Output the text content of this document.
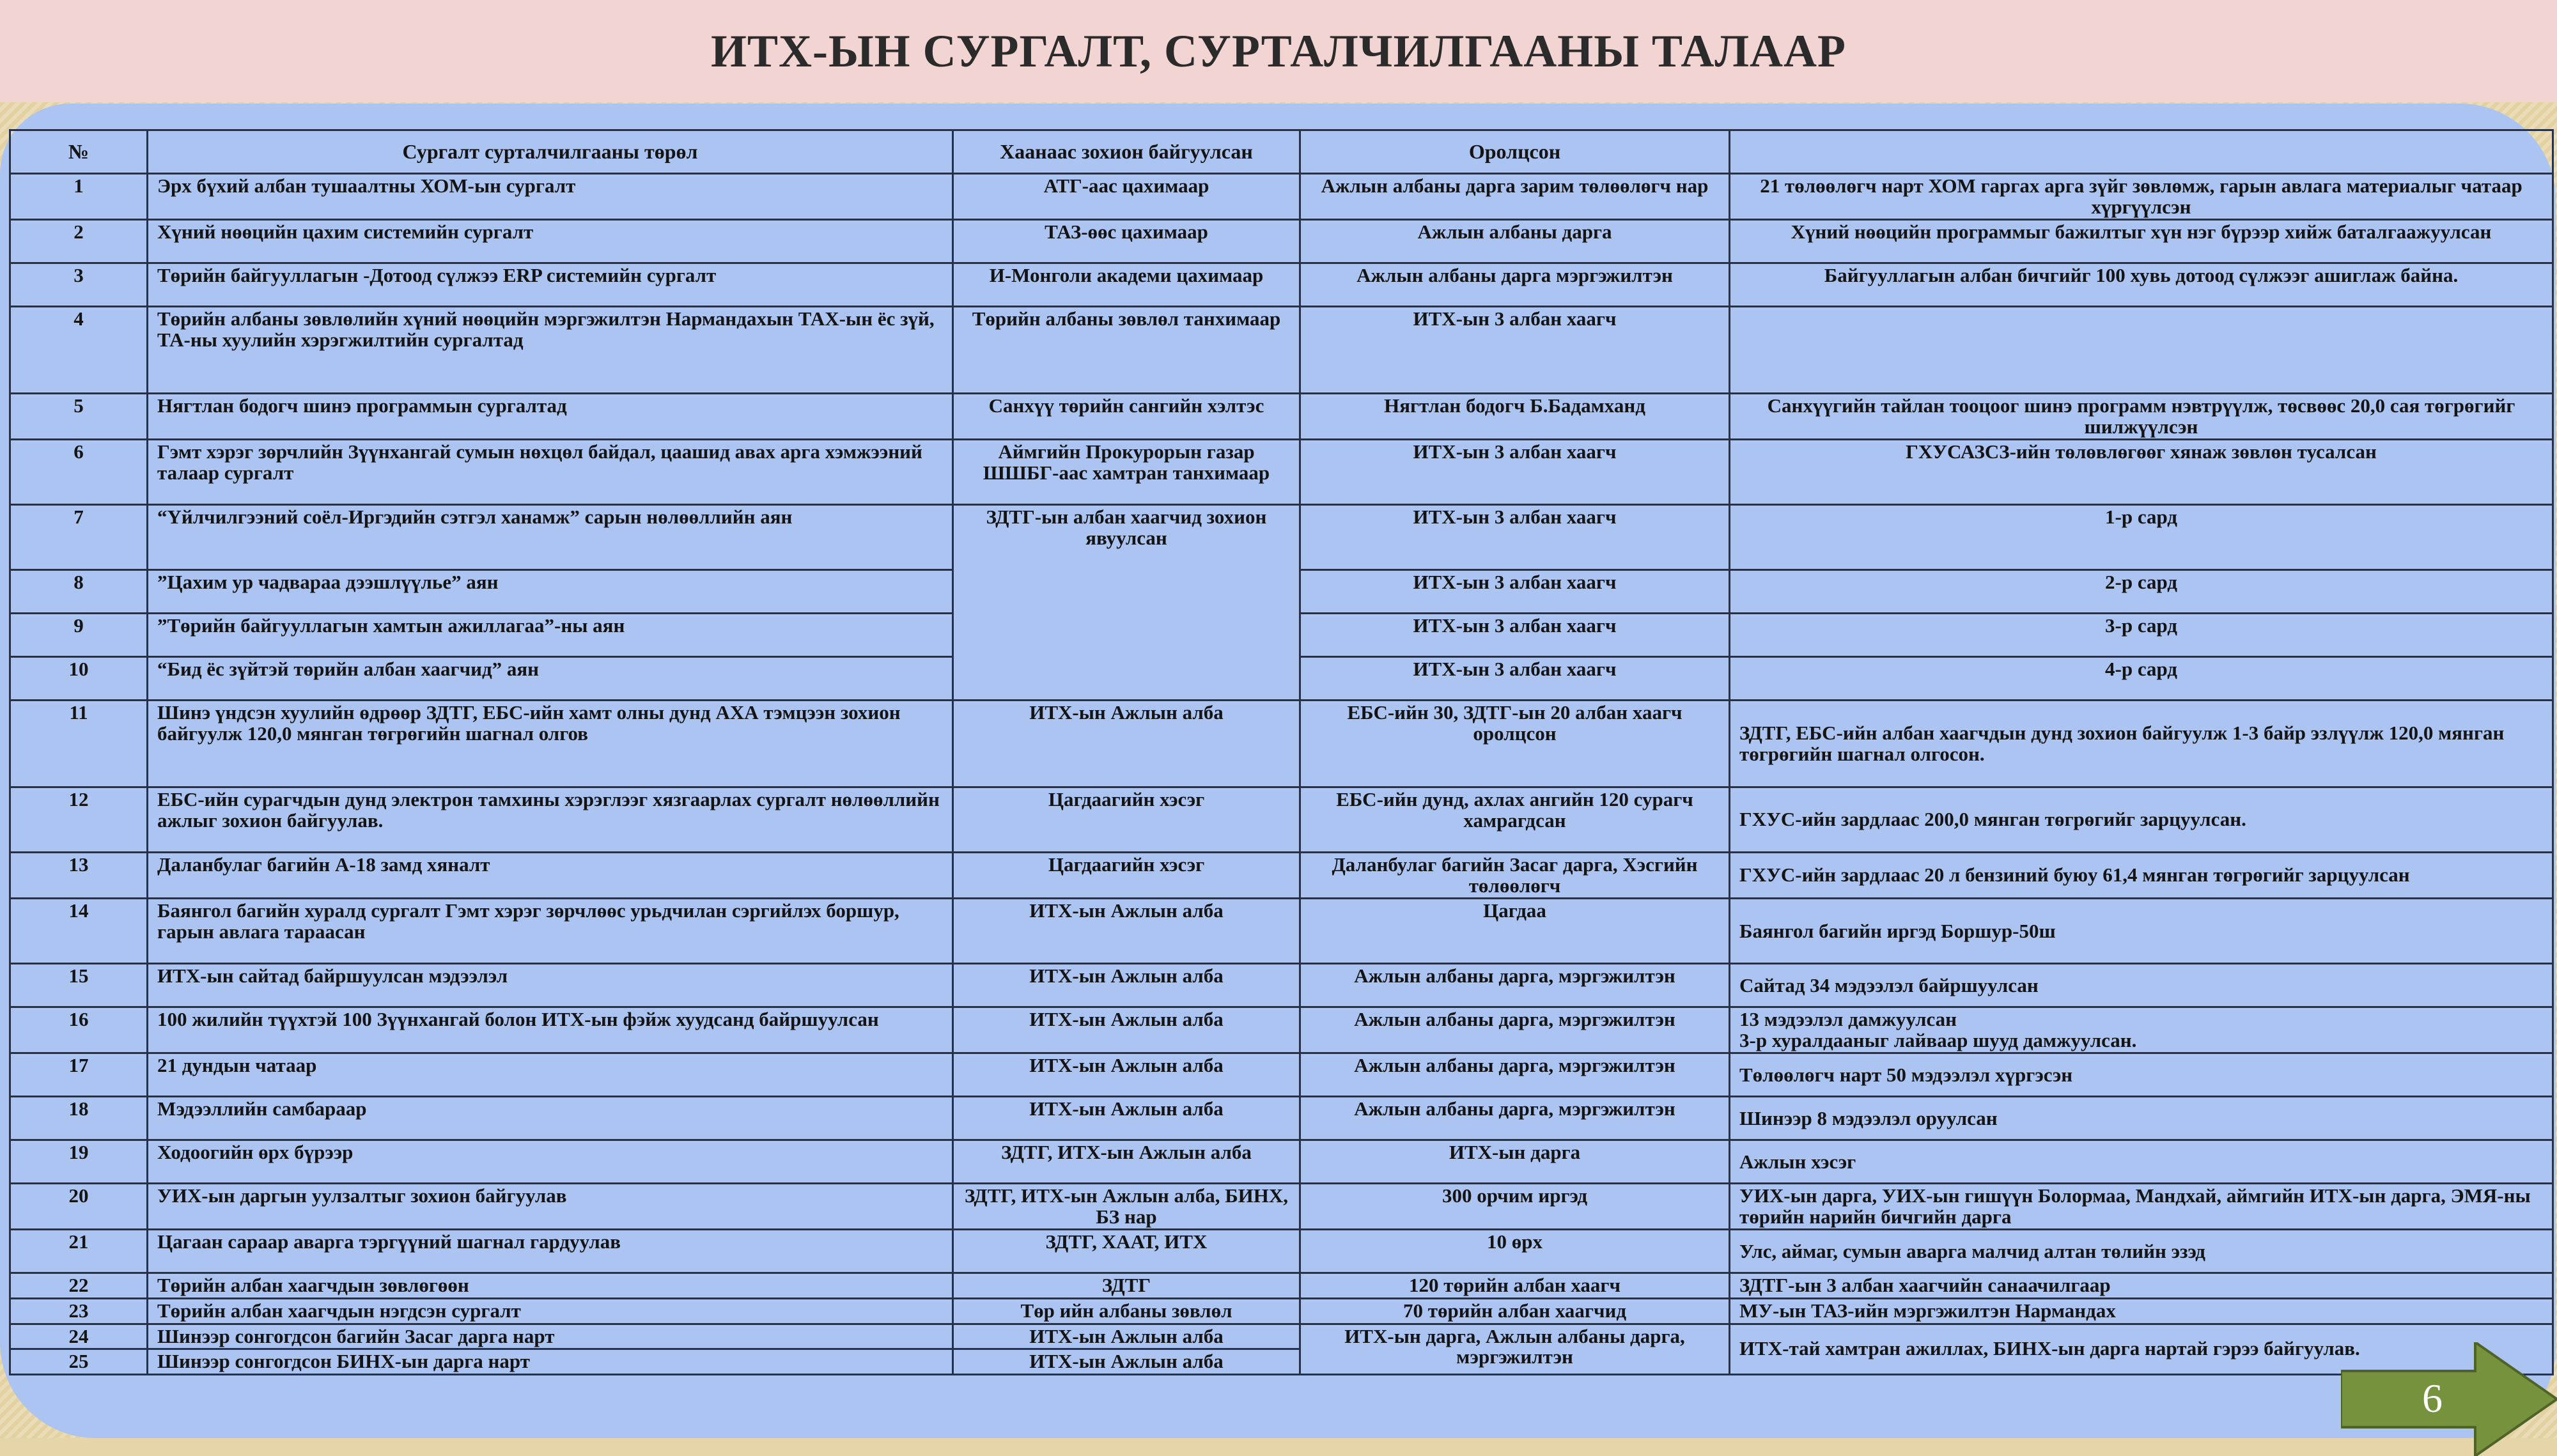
ИТХ-ЫН СУРГАЛТ, СУРТАЛЧИЛГААНЫ ТАЛААР
№	Сургалт сурталчилгааны төрөл	Хаанаас зохион байгуулсан	Оролцсон	
1	Эрх бүхий албан тушаалтны ХОМ-ын сургалт	АТГ-аас цахимаар	Ажлын албаны дарга зарим төлөөлөгч нар	21 төлөөлөгч нарт ХОМ гаргах арга зүйг зөвлөмж, гарын авлага материалыг чатаар хүргүүлсэн
2	Хүний нөөцийн цахим системийн сургалт	ТАЗ-өөс цахимаар	Ажлын албаны дарга	Хүний нөөцийн программыг бажилтыг хүн нэг бүрээр хийж баталгаажуулсан
3	Төрийн байгууллагын -Дотоод сүлжээ ERP системийн сургалт	И-Монголи академи цахимаар	Ажлын албаны дарга мэргэжилтэн	Байгууллагын албан бичгийг 100 хувь дотоод сүлжээг ашиглаж байна.
4	Төрийн албаны зөвлөлийн хүний нөөцийн мэргэжилтэн Нармандахын ТАХ-ын ёс зүй, ТА-ны хуулийн хэрэгжилтийн сургалтад	Төрийн албаны зөвлөл танхимаар	ИТХ-ын 3 албан хаагч	
5	Нягтлан бодогч шинэ программын сургалтад	Санхүү төрийн сангийн хэлтэс	Нягтлан бодогч Б.Бадамханд	Санхүүгийн тайлан тооцоог шинэ программ нэвтрүүлж, төсвөөс 20,0 сая төгрөгийг шилжүүлсэн
6	Гэмт хэрэг зөрчлийн Зүүнхангай сумын нөхцөл байдал, цаашид авах арга хэмжээний талаар сургалт	Аймгийн Прокурорын газар ШШБГ-аас хамтран танхимаар	ИТХ-ын 3 албан хаагч	ГХУСАЗСЗ-ийн төлөвлөгөөг хянаж зөвлөн тусалсан
7	“Үйлчилгээний соёл-Иргэдийн сэтгэл ханамж” сарын нөлөөллийн аян	ЗДТГ-ын албан хаагчид зохион явуулсан	ИТХ-ын 3 албан хаагч	1-р сард
8	”Цахим ур чадвараа дээшлүүлье” аян		ИТХ-ын 3 албан хаагч	2-р сард
9	”Төрийн байгууллагын хамтын ажиллагаа”-ны аян		ИТХ-ын 3 албан хаагч	3-р сард
10	“Бид ёс зүйтэй төрийн албан хаагчид” аян		ИТХ-ын 3 албан хаагч	4-р сард
11	Шинэ үндсэн хуулийн өдрөөр ЗДТГ, ЕБС-ийн хамт олны дунд АХА тэмцээн зохион байгуулж 120,0 мянган төгрөгийн шагнал олгов	ИТХ-ын Ажлын алба	ЕБС-ийн 30, ЗДТГ-ын 20 албан хаагч оролцсон	ЗДТГ, ЕБС-ийн албан хаагчдын дунд зохион байгуулж 1-3 байр эзлүүлж 120,0 мянган төгрөгийн шагнал олгосон.
12	ЕБС-ийн сурагчдын дунд электрон тамхины хэрэглээг хязгаарлах сургалт нөлөөллийн ажлыг зохион байгуулав.	Цагдаагийн хэсэг	ЕБС-ийн дунд, ахлах ангийн 120 сурагч хамрагдсан	ГХУС-ийн зардлаас 200,0 мянган төгрөгийг зарцуулсан.
13	Даланбулаг багийн А-18 замд хяналт	Цагдаагийн хэсэг	Даланбулаг багийн Засаг дарга, Хэсгийн төлөөлөгч	ГХУС-ийн зардлаас 20 л бензиний буюу 61,4 мянган төгрөгийг зарцуулсан
14	Баянгол багийн хуралд сургалт Гэмт хэрэг зөрчлөөс урьдчилан сэргийлэх боршур, гарын авлага тараасан	ИТХ-ын Ажлын алба	Цагдаа	Баянгол багийн иргэд Боршур-50ш
15	ИТХ-ын сайтад байршуулсан мэдээлэл	ИТХ-ын Ажлын алба	Ажлын албаны дарга, мэргэжилтэн	Сайтад 34 мэдээлэл байршуулсан
16	100 жилийн түүхтэй 100 Зүүнхангай болон ИТХ-ын фэйж хуудсанд байршуулсан	ИТХ-ын Ажлын алба	Ажлын албаны дарга, мэргэжилтэн	13 мэдээлэл дамжуулсан
3-р хуралдааныг лайваар шууд дамжуулсан.
17	21 дундын чатаар	ИТХ-ын Ажлын алба	Ажлын албаны дарга, мэргэжилтэн	Төлөөлөгч нарт 50 мэдээлэл хүргэсэн
18	Мэдээллийн самбараар	ИТХ-ын Ажлын алба	Ажлын албаны дарга, мэргэжилтэн	Шинээр 8 мэдээлэл оруулсан
19	Ходоогийн өрх бүрээр	ЗДТГ, ИТХ-ын Ажлын алба	ИТХ-ын дарга	Ажлын хэсэг
20	УИХ-ын даргын уулзалтыг зохион байгуулав	ЗДТГ, ИТХ-ын Ажлын алба, БИНХ, БЗ нар	300 орчим иргэд	УИХ-ын дарга, УИХ-ын гишүүн Болормаа, Мандхай, аймгийн ИТХ-ын дарга, ЭМЯ-ны төрийн нарийн бичгийн дарга
21	Цагаан сараар аварга тэргүүний шагнал гардуулав	ЗДТГ, ХААТ, ИТХ	10 өрх	Улс, аймаг, сумын аварга малчид алтан төлийн эзэд
22	Төрийн албан хаагчдын зөвлөгөөн	ЗДТГ	120 төрийн албан хаагч	ЗДТГ-ын 3 албан хаагчийн санаачилгаар
23	Төрийн албан хаагчдын нэгдсэн сургалт	Төр ийн албаны зөвлөл	70 төрийн албан хаагчид	МУ-ын ТАЗ-ийн мэргэжилтэн Нармандах
24	Шинээр сонгогдсон багийн Засаг дарга нарт	ИТХ-ын Ажлын алба	ИТХ-ын дарга, Ажлын албаны дарга, мэргэжилтэн	ИТХ-тай хамтран ажиллах, БИНХ-ын дарга нартай гэрээ байгуулав.
25	Шинээр сонгогдсон БИНХ-ын дарга нарт	ИТХ-ын Ажлын алба		
6
